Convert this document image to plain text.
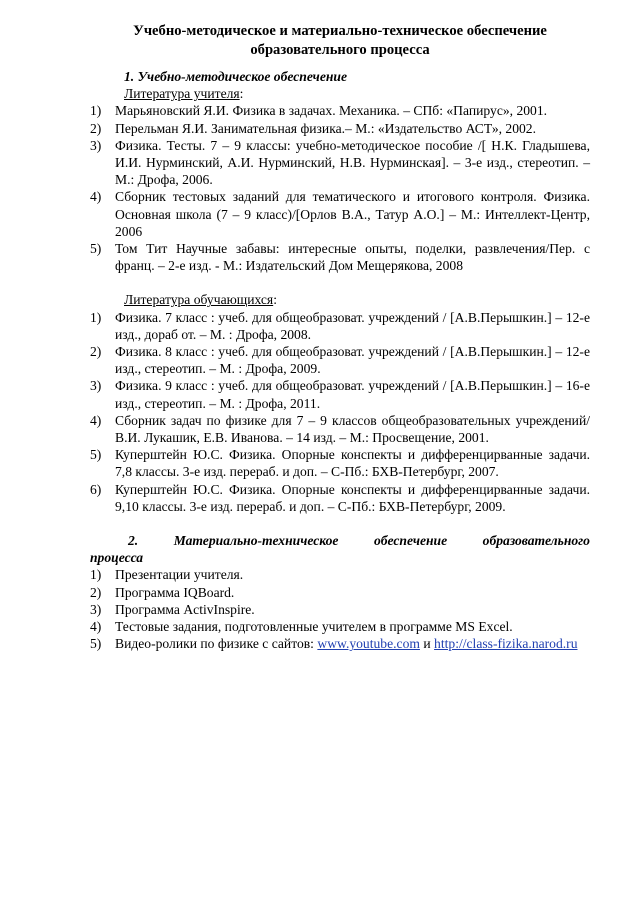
Учебно-методическое и материально-техническое обеспечение
образовательного процесса
1. Учебно-методическое обеспечение
Литература учителя:
1) Марьяновский Я.И. Физика в задачах. Механика. – СПб: «Папирус», 2001.
2) Перельман Я.И. Занимательная физика.– М.: «Издательство АСТ», 2002.
3) Физика. Тесты. 7 – 9 классы: учебно-методическое пособие /[ Н.К. Гладышева, И.И. Нурминский, А.И. Нурминский, Н.В. Нурминская]. – 3-е изд., стереотип. – М.: Дрофа, 2006.
4) Сборник тестовых заданий для тематического и итогового контроля. Физика. Основная школа (7 – 9 класс)/[Орлов В.А., Татур А.О.] – М.: Интеллект-Центр, 2006
5) Том Тит Научные забавы: интересные опыты, поделки, развлечения/Пер. с франц. – 2-е изд. - М.: Издательский Дом Мещерякова, 2008
Литература обучающихся:
1) Физика. 7 класс : учеб. для общеобразоват. учреждений / [А.В.Перышкин.] – 12-е изд., дораб от. – М. : Дрофа, 2008.
2) Физика. 8 класс : учеб. для общеобразоват. учреждений / [А.В.Перышкин.] – 12-е изд., стереотип. – М. : Дрофа, 2009.
3) Физика. 9 класс : учеб. для общеобразоват. учреждений / [А.В.Перышкин.] – 16-е изд., стереотип. – М. : Дрофа, 2011.
4) Сборник задач по физике для 7 – 9 классов общеобразовательных учреждений/ В.И. Лукашик, Е.В. Иванова. – 14 изд. – М.: Просвещение, 2001.
5) Куперштейн Ю.С. Физика. Опорные конспекты и дифференцирванные задачи. 7,8 классы. 3-е изд. перераб. и доп. – С-Пб.: БХВ-Петербург, 2007.
6) Куперштейн Ю.С. Физика. Опорные конспекты и дифференцирванные задачи. 9,10 классы. 3-е изд. перераб. и доп. – С-Пб.: БХВ-Петербург, 2009.
2.	Материально-техническое	обеспечение	образовательного
процесса
1) Презентации учителя.
2) Программа IQBoard.
3) Программа ActivInspire.
4) Тестовые задания, подготовленные учителем в программе MS Excel.
5) Видео-ролики по физике с сайтов: www.youtube.com и http://class-fizika.narod.ru
